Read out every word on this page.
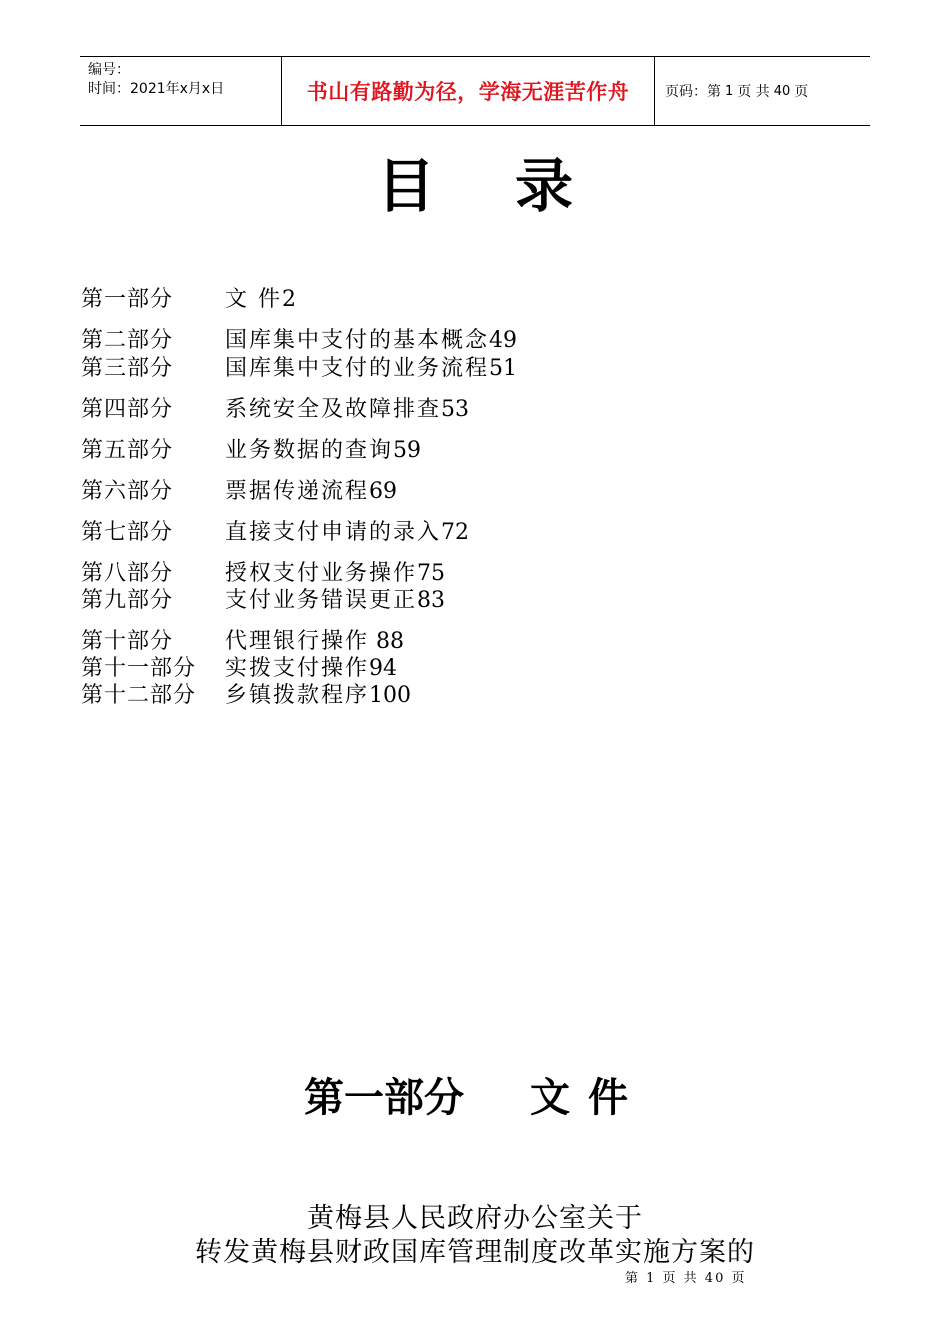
编号：
时间：2021年x月x日	书山有路勤为径，学海无涯苦作舟	页码：第 1 页 共 40 页
目录
第一部分 文 件2
第二部分 国库集中支付的基本概念49
第三部分 国库集中支付的业务流程51
第四部分 系统安全及故障排查53
第五部分 业务数据的查询59
第六部分 票据传递流程69
第七部分 直接支付申请的录入72
第八部分 授权支付业务操作75
第九部分 支付业务错误更正83
第十部分 代理银行操作 88
第十一部分 实拨支付操作94
第十二部分 乡镇拨款程序100
第一部分 文件
黄梅县人民政府办公室关于
转发黄梅县财政国库管理制度改革实施方案的
第 1 页 共 40 页
